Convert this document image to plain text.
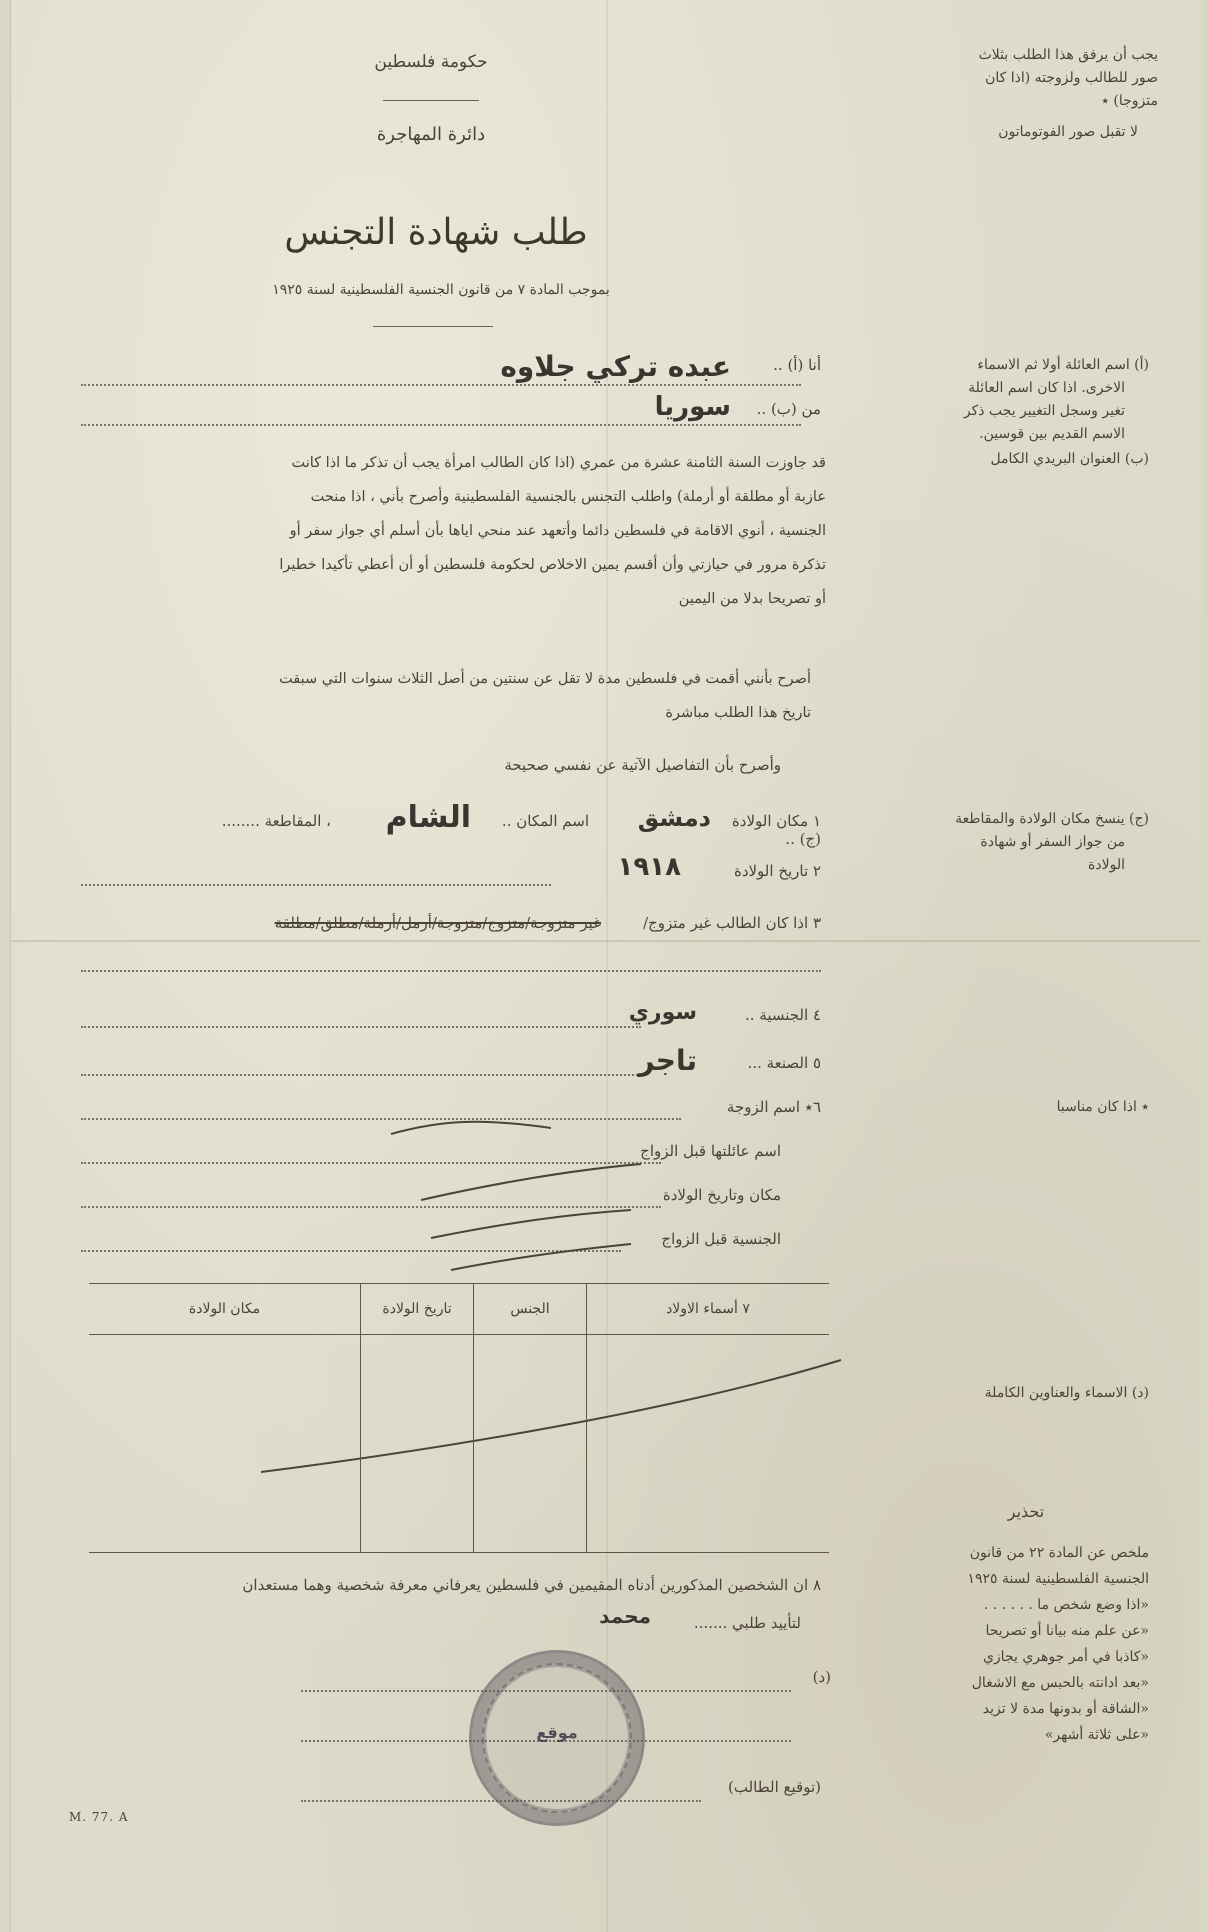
حكومة فلسطين
دائرة المهاجرة
طلب شهادة التجنس
بموجب المادة ٧ من قانون الجنسية الفلسطينية لسنة ١٩٢٥
يجب أن يرفق هذا الطلب بثلاث
صور للطالب ولزوجته (اذا كان
متزوجا) ٭
لا تقبل صور الفوتوماتون
أنا (أ) ..
عبده تركي جلاوه
من (ب) ..
سوريا
قد جاوزت السنة الثامنة عشرة من عمري (اذا كان الطالب امرأة يجب أن تذكر ما اذا كانت
عازبة أو مطلقة أو أرملة) واطلب التجنس بالجنسية الفلسطينية وأصرح بأني ، اذا منحت
الجنسية ، أنوي الاقامة في فلسطين دائما وأتعهد عند منحي اياها بأن أسلم أي جواز سفر أو
تذكرة مرور في حيازتي وأن أقسم يمين الاخلاص لحكومة فلسطين أو أن أعطي تأكيدا خطيرا
أو تصريحا بدلا من اليمين
أصرح بأنني أقمت في فلسطين مدة لا تقل عن سنتين من أصل الثلاث سنوات التي سبقت
تاريخ هذا الطلب مباشرة
وأصرح بأن التفاصيل الآتية عن نفسي صحيحة
١ مكان الولادة (ج) ..
دمشق
اسم المكان ..
الشام
، المقاطعة ........
٢ تاريخ الولادة
١٩١٨
٣ اذا كان الطالب غير متزوج/
غير متزوجة/متزوج/متزوجة/أرمل/أرملة/مطلق/مطلقة
٤ الجنسية ..
سوري
٥ الصنعة ...
تاجر
٦٭ اسم الزوجة
اسم عائلتها قبل الزواج
مكان وتاريخ الولادة
الجنسية قبل الزواج
٧ أسماء الاولاد	الجنس	تاريخ الولادة	مكان الولادة

٨ ان الشخصين المذكورين أدناه المقيمين في فلسطين يعرفاني معرفة شخصية وهما مستعدان
لتأييد طلبي .......
محمد
(د)
(توقيع الطالب)
موقع
(أ) اسم العائلة أولا ثم الاسماء
الاخرى. اذا كان اسم العائلة
تغير وسجل التغيير يجب ذكر
الاسم القديم بين قوسين.
(ب) العنوان البريدي الكامل
(ج) ينسخ مكان الولادة والمقاطعة
من جواز السفر أو شهادة
الولادة
٭ اذا كان مناسبا
(د) الاسماء والعناوين الكاملة
تحذير
ملخص عن المادة ٢٢ من قانون
الجنسية الفلسطينية لسنة ١٩٢٥
«اذا وضع شخص ما . . . . . .
«عن علم منه بيانا أو تصريحا
«كاذبا في أمر جوهري يجازي
«بعد ادانته بالحبس مع الاشغال
«الشاقة أو بدونها مدة لا تزيد
«على ثلاثة أشهر»
M. 77. A
